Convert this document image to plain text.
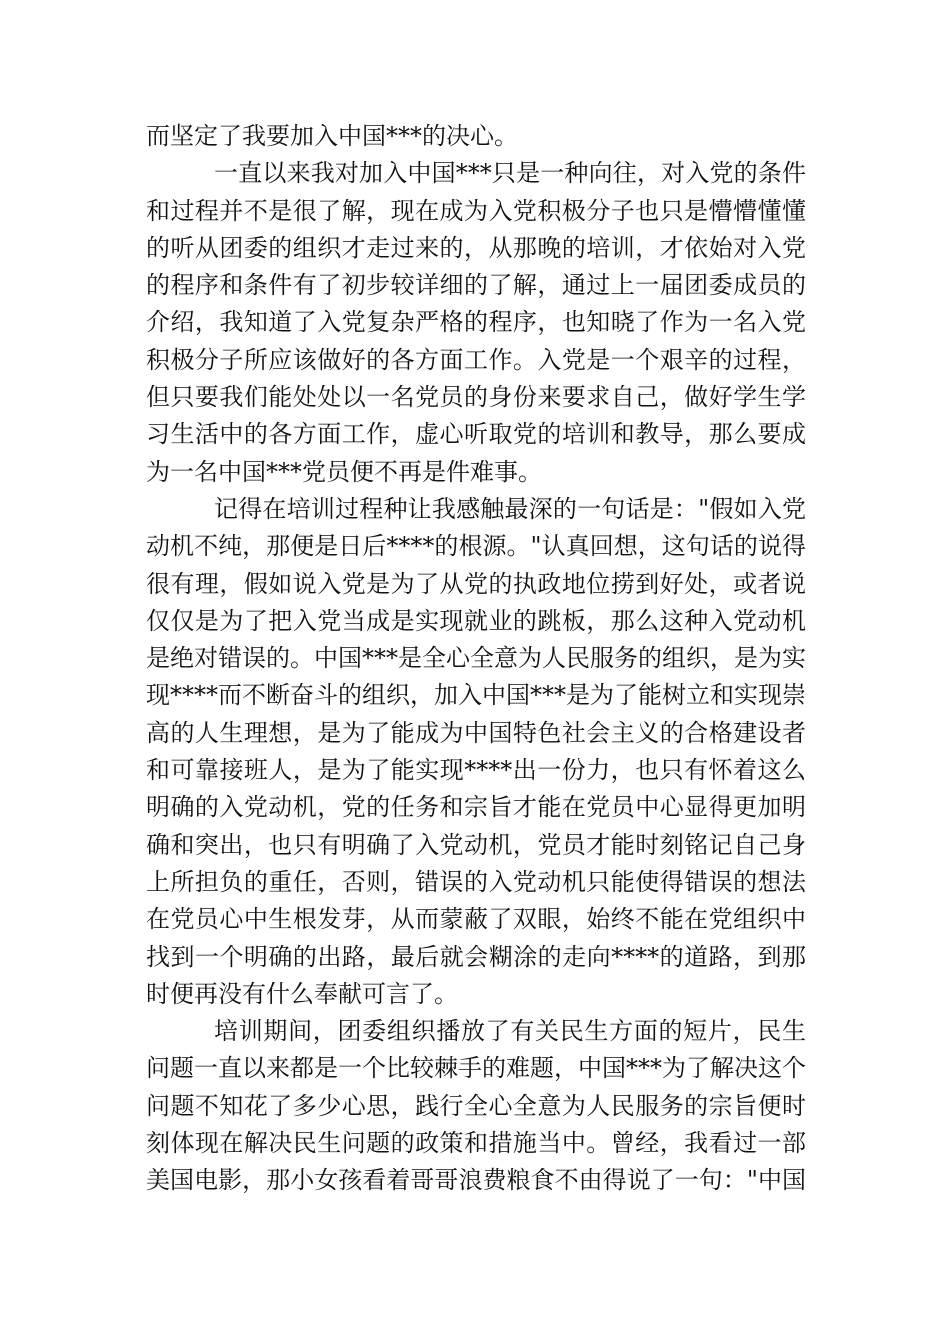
而坚定了我要加入中国***的决心。
一直以来我对加入中国***只是一种向往，对入党的条件
和过程并不是很了解，现在成为入党积极分子也只是懵懵懂懂
的听从团委的组织才走过来的，从那晚的培训，才依始对入党
的程序和条件有了初步较详细的了解，通过上一届团委成员的
介绍，我知道了入党复杂严格的程序，也知晓了作为一名入党
积极分子所应该做好的各方面工作。入党是一个艰辛的过程，
但只要我们能处处以一名党员的身份来要求自己，做好学生学
习生活中的各方面工作，虚心听取党的培训和教导，那么要成
为一名中国***党员便不再是件难事。
记得在培训过程种让我感触最深的一句话是："假如入党
动机不纯，那便是日后****的根源。"认真回想，这句话的说得
很有理，假如说入党是为了从党的执政地位捞到好处，或者说
仅仅是为了把入党当成是实现就业的跳板，那么这种入党动机
是绝对错误的。中国***是全心全意为人民服务的组织，是为实
现****而不断奋斗的组织，加入中国***是为了能树立和实现崇
高的人生理想，是为了能成为中国特色社会主义的合格建设者
和可靠接班人，是为了能实现****出一份力，也只有怀着这么
明确的入党动机，党的任务和宗旨才能在党员中心显得更加明
确和突出，也只有明确了入党动机，党员才能时刻铭记自己身
上所担负的重任，否则，错误的入党动机只能使得错误的想法
在党员心中生根发芽，从而蒙蔽了双眼，始终不能在党组织中
找到一个明确的出路，最后就会糊涂的走向****的道路，到那
时便再没有什么奉献可言了。
培训期间，团委组织播放了有关民生方面的短片，民生
问题一直以来都是一个比较棘手的难题，中国***为了解决这个
问题不知花了多少心思，践行全心全意为人民服务的宗旨便时
刻体现在解决民生问题的政策和措施当中。曾经，我看过一部
美国电影，那小女孩看着哥哥浪费粮食不由得说了一句："中国
